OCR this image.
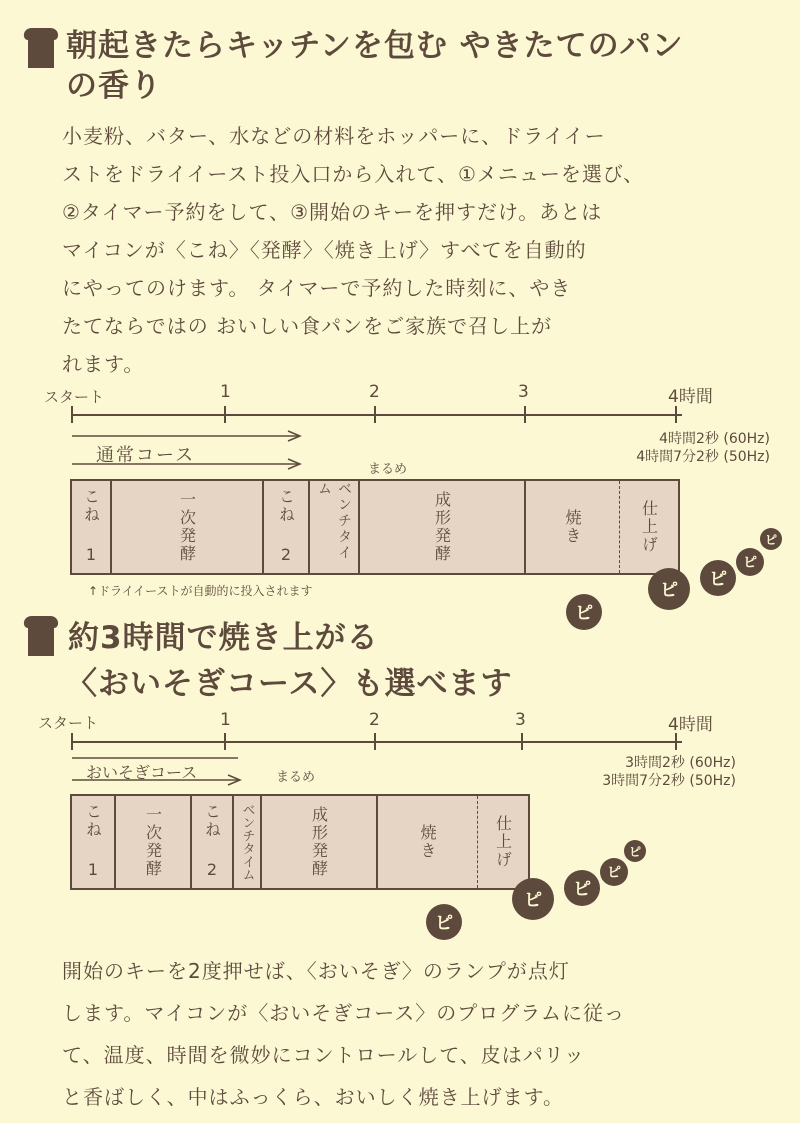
朝起きたらキッチンを包む やきたてのパン
の香り
小麦粉、バター、水などの材料をホッパーに、ドライイー
ストをドライイースト投入口から入れて、①メニューを選び、
②タイマー予約をして、③開始のキーを押すだけ。あとは
マイコンが〈こね〉〈発酵〉〈焼き上げ〉すべてを自動的
にやってのけます。 タイマーで予約した時刻に、やき
たてならではの おいしい食パンをご家族で召し上が
れます。
スタート	1	2	3	4時間
通常コース
4時間2秒 (60Hz)
4時間7分2秒 (50Hz)
まるめ
こね 1	一次発酵	こね 2	ベンチタイム
成形発酵	焼き	仕上げ
↑ドライイーストが自動的に投入されます
ピ
ピ
ピ
ピ
ピ
約3時間で焼き上がる
〈おいそぎコース〉も選べます
スタート	1	2	3	4時間
おいそぎコース	3時間2秒 (60Hz)
3時間7分2秒 (50Hz)
まるめ
こね 1	一次発酵	こね 2	ベンチタイム	成形発酵	焼き	仕上げ
ピ
ピ
ピ
ピ
ピ
開始のキーを2度押せば、〈おいそぎ〉のランプが点灯
します。マイコンが〈おいそぎコース〉のプログラムに従っ
て、温度、時間を微妙にコントロールして、皮はパリッ
と香ばしく、中はふっくら、おいしく焼き上げます。
